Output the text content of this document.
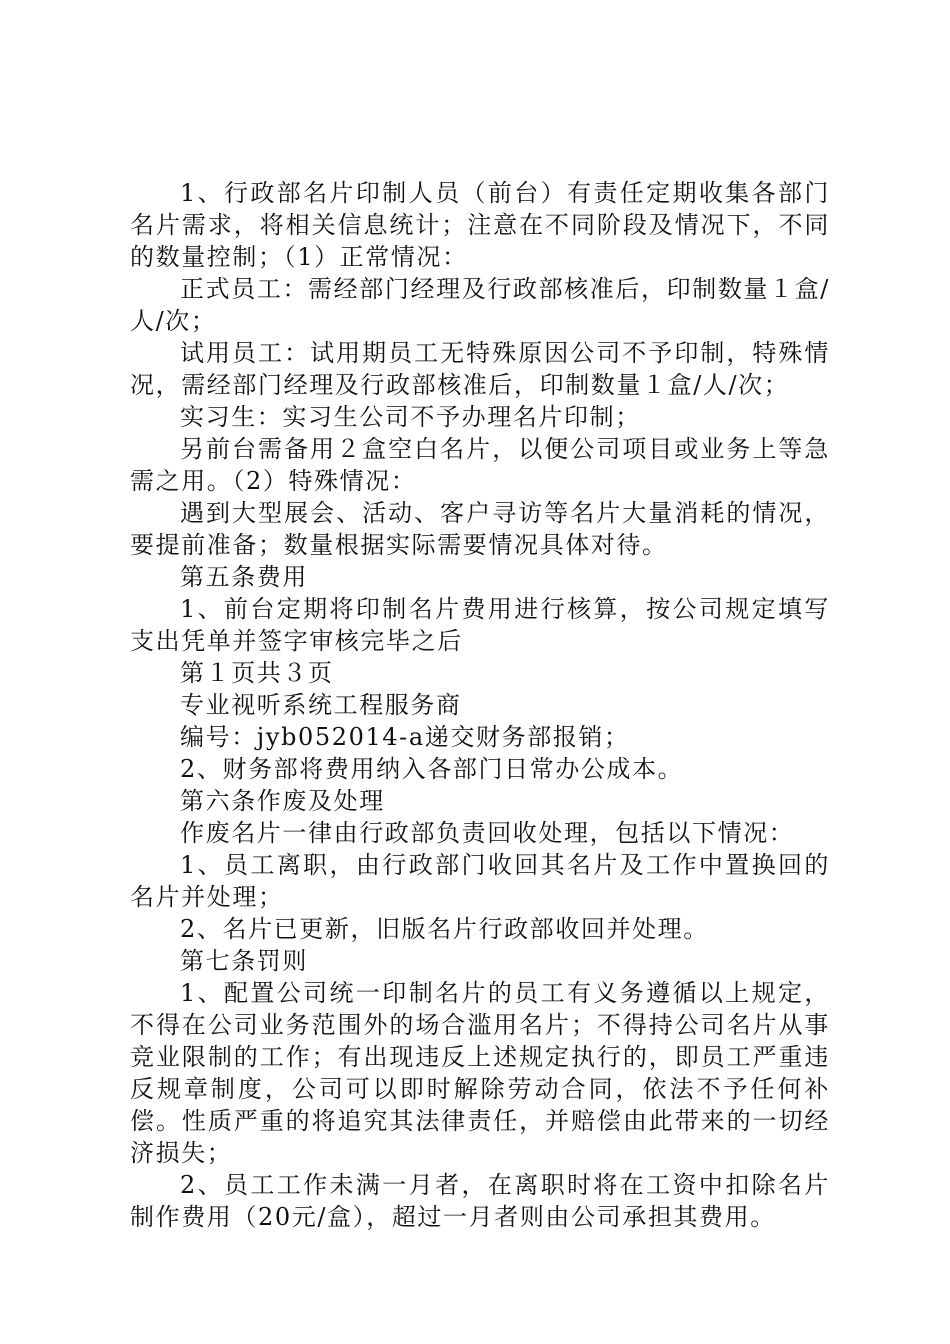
1、行政部名片印制人员（前台）有责任定期收集各部门名片需求，将相关信息统计；注意在不同阶段及情况下，不同的数量控制；（1）正常情况：

正式员工：需经部门经理及行政部核准后，印制数量１盒/人/次；

试用员工：试用期员工无特殊原因公司不予印制，特殊情况，需经部门经理及行政部核准后，印制数量１盒/人/次；

实习生：实习生公司不予办理名片印制；

另前台需备用２盒空白名片，以便公司项目或业务上等急需之用。（2）特殊情况：

遇到大型展会、活动、客户寻访等名片大量消耗的情况，要提前准备；数量根据实际需要情况具体对待。

第五条费用

1、前台定期将印制名片费用进行核算，按公司规定填写支出凭单并签字审核完毕之后

第１页共３页

专业视听系统工程服务商

编号：jyb052014-a递交财务部报销；

2、财务部将费用纳入各部门日常办公成本。

第六条作废及处理

作废名片一律由行政部负责回收处理，包括以下情况：

1、员工离职，由行政部门收回其名片及工作中置换回的名片并处理；

2、名片已更新，旧版名片行政部收回并处理。

第七条罚则

1、配置公司统一印制名片的员工有义务遵循以上规定，不得在公司业务范围外的场合滥用名片；不得持公司名片从事竞业限制的工作；有出现违反上述规定执行的，即员工严重违反规章制度，公司可以即时解除劳动合同，依法不予任何补偿。性质严重的将追究其法律责任，并赔偿由此带来的一切经济损失；

2、员工工作未满一月者，在离职时将在工资中扣除名片制作费用（20元/盒），超过一月者则由公司承担其费用。
